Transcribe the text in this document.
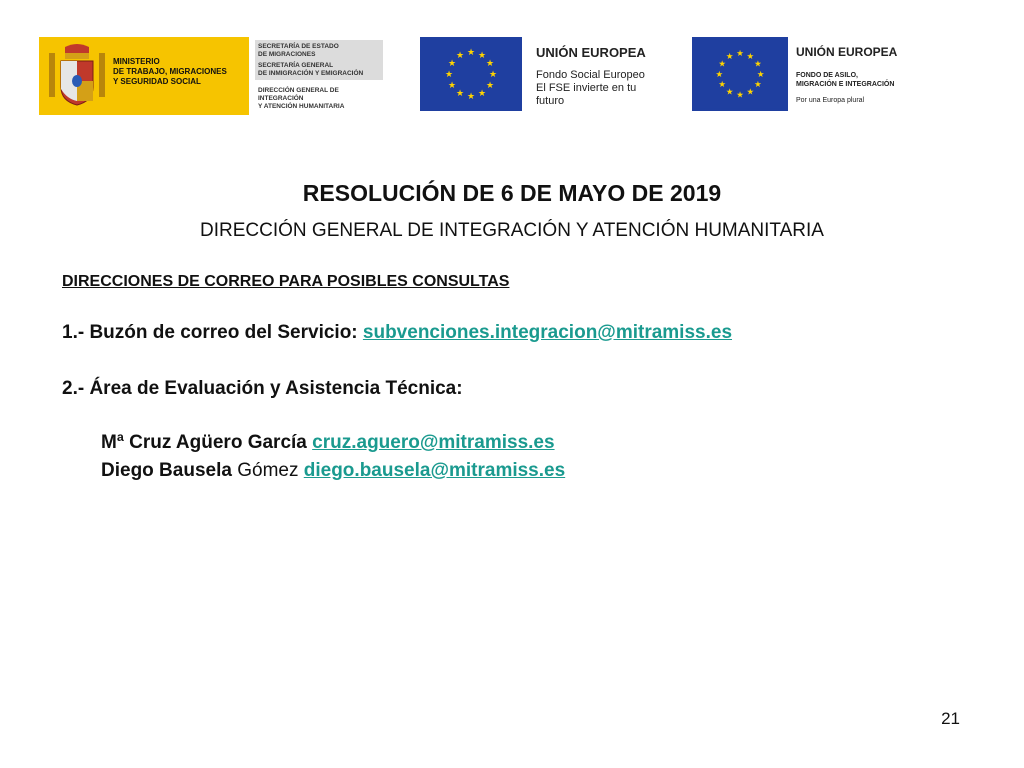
MINISTERIO
DE TRABAJO, MIGRACIONES
Y SEGURIDAD SOCIAL
SECRETARÍA DE ESTADO
DE MIGRACIONES
SECRETARÍA GENERAL
DE INMIGRACIÓN Y EMIGRACIÓN
DIRECCIÓN GENERAL DE INTEGRACIÓN
Y ATENCIÓN HUMANITARIA
★ ★
★
★
★
★
★
★
★
★
★
★	UNIÓN EUROPEA
Fondo Social Europeo
El FSE invierte en tu futuro
★ ★
★
★
★
★
★
★
★
★
★
★	UNIÓN EUROPEA
FONDO DE ASILO,
MIGRACIÓN E INTEGRACIÓN
Por una Europa plural
RESOLUCIÓN DE 6 DE MAYO DE 2019
DIRECCIÓN GENERAL DE INTEGRACIÓN Y ATENCIÓN HUMANITARIA
DIRECCIONES DE CORREO PARA POSIBLES CONSULTAS
1.- Buzón de correo del Servicio: subvenciones.integracion@mitramiss.es
2.- Área de Evaluación y Asistencia Técnica:
Mª Cruz Agüero García cruz.aguero@mitramiss.es
Diego Bausela Gómez diego.bausela@mitramiss.es
21
